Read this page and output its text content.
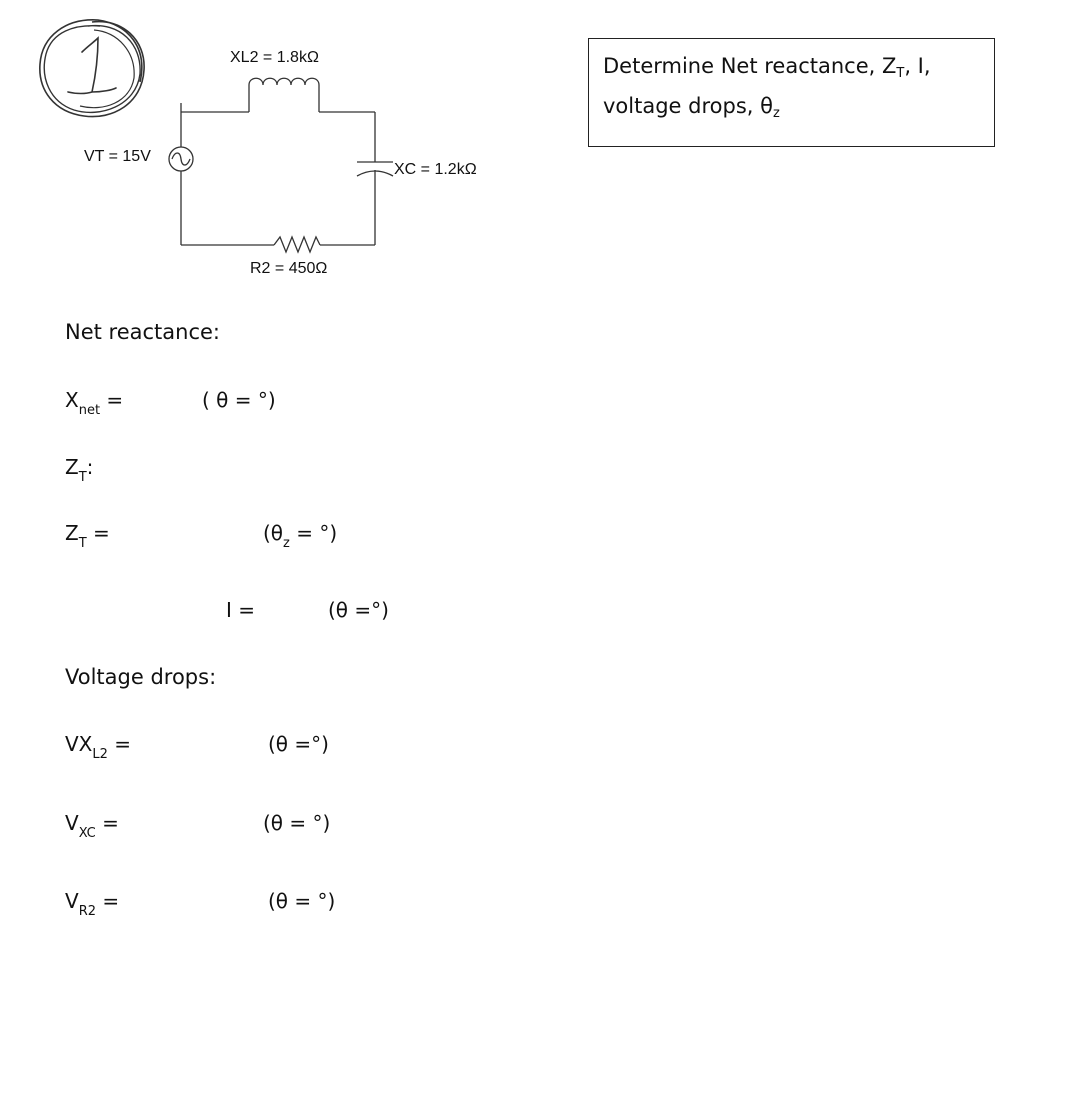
VT = 15V
XL2 = 1.8kΩ
XC = 1.2kΩ
R2 = 450Ω
Determine Net reactance, ZT, I,
voltage drops, θz
Net reactance:
$X_{net}$ =	( θ = °)
$Z_T$:
$Z_T$ =	($\theta_z$ = °)
I =	(θ =°)
Voltage drops:
$VX_{L2}$ =	(θ =°)
$V_{XC}$ =	(θ = °)
$V_{R2}$ =	(θ = °)
